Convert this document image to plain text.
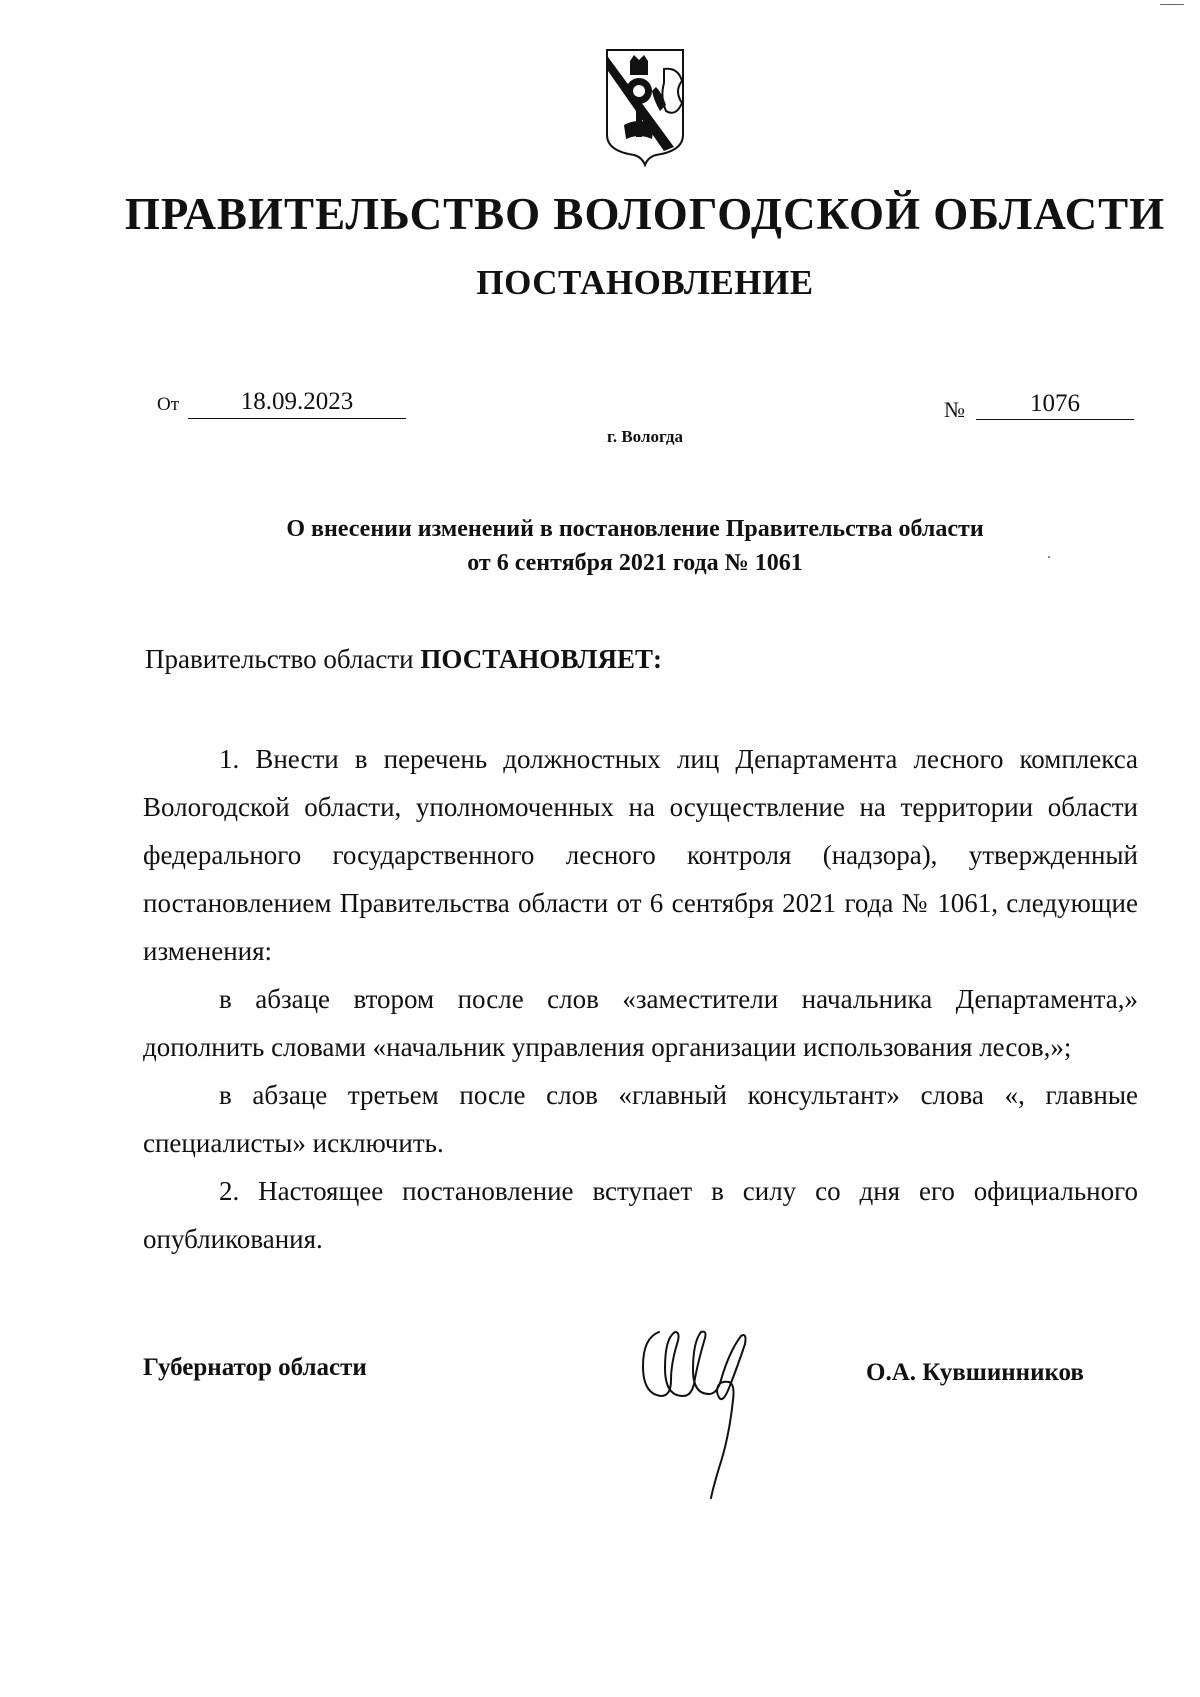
ПРАВИТЕЛЬСТВО ВОЛОГОДСКОЙ ОБЛАСТИ
ПОСТАНОВЛЕНИЕ
От	18.09.2023	№	1076
г. Вологда
О внесении изменений в постановление Правительства области
от 6 сентября 2021 года № 1061
Правительство области ПОСТАНОВЛЯЕТ:

1. Внести в перечень должностных лиц Департамента лесного комплекса Вологодской области, уполномоченных на осуществление на территории области федерального государственного лесного контроля (надзора), утвержденный постановлением Правительства области от 6 сентября 2021 года № 1061, следующие изменения:

в абзаце втором после слов «заместители начальника Департамента,» дополнить словами «начальник управления организации использования лесов,»;

в абзаце третьем после слов «главный консультант» слова «, главные специалисты» исключить.

2. Настоящее постановление вступает в силу со дня его официального опубликования.

Губернатор области	О.А. Кувшинников
